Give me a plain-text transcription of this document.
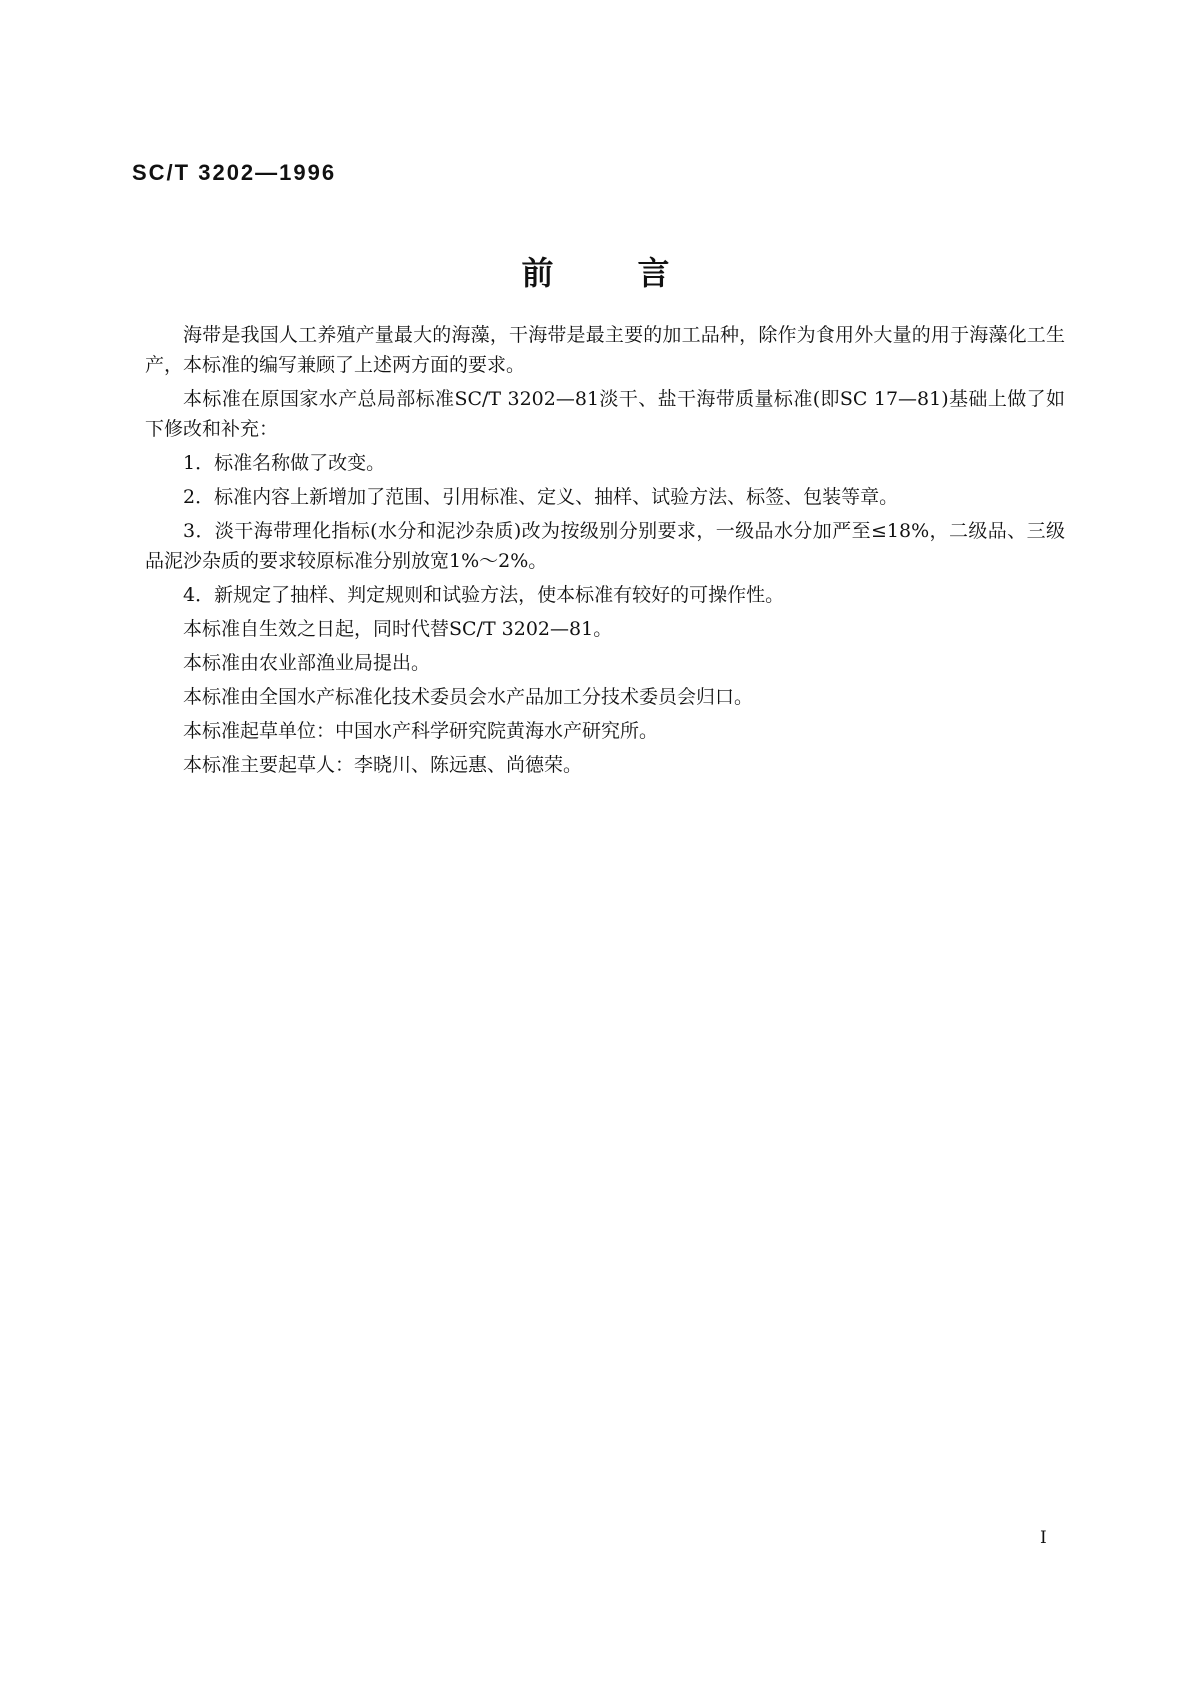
SC/T 3202—1996
前言

海带是我国人工养殖产量最大的海藻，干海带是最主要的加工品种，除作为食用外大量的用于海藻化工生产，本标准的编写兼顾了上述两方面的要求。

本标准在原国家水产总局部标准SC/T 3202—81淡干、盐干海带质量标准(即SC 17—81)基础上做了如下修改和补充：

1．标准名称做了改变。

2．标准内容上新增加了范围、引用标准、定义、抽样、试验方法、标签、包装等章。

3．淡干海带理化指标(水分和泥沙杂质)改为按级别分别要求，一级品水分加严至≤18%，二级品、三级品泥沙杂质的要求较原标准分别放宽1%～2%。

4．新规定了抽样、判定规则和试验方法，使本标准有较好的可操作性。

本标准自生效之日起，同时代替SC/T 3202—81。

本标准由农业部渔业局提出。

本标准由全国水产标准化技术委员会水产品加工分技术委员会归口。

本标准起草单位：中国水产科学研究院黄海水产研究所。

本标准主要起草人：李晓川、陈远惠、尚德荣。

I
